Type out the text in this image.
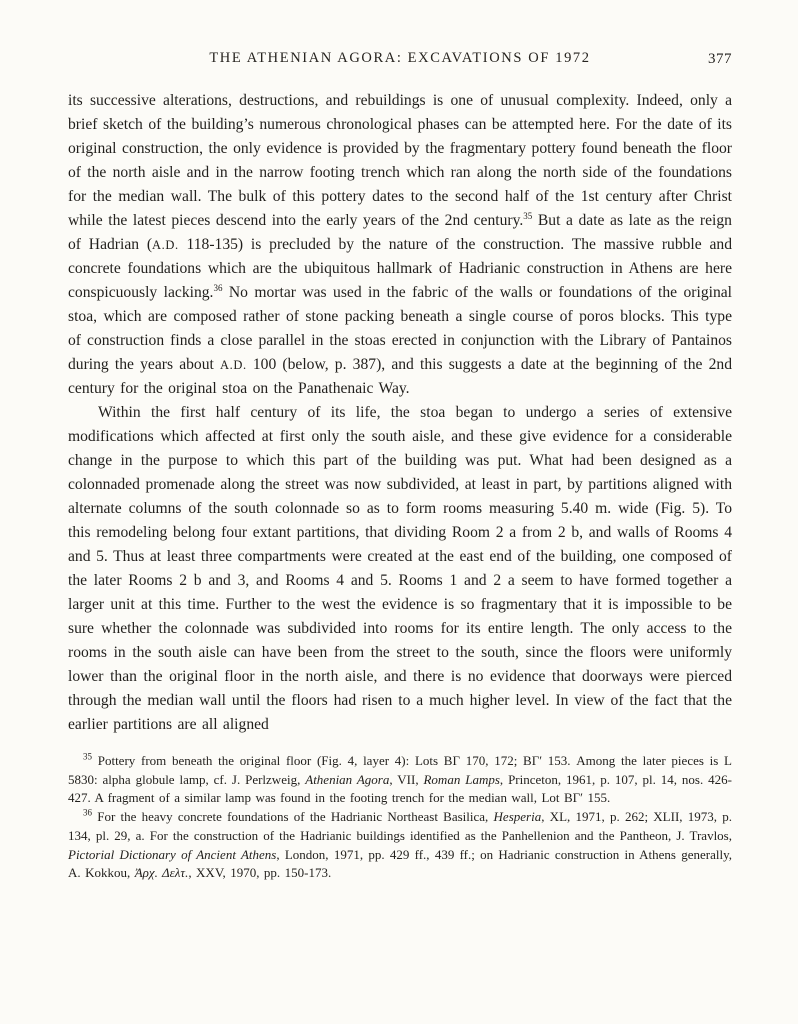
THE ATHENIAN AGORA: EXCAVATIONS OF 1972	377

its successive alterations, destructions, and rebuildings is one of unusual complexity. Indeed, only a brief sketch of the building’s numerous chronological phases can be attempted here. For the date of its original construction, the only evidence is provided by the fragmentary pottery found beneath the floor of the north aisle and in the narrow footing trench which ran along the north side of the foundations for the median wall. The bulk of this pottery dates to the second half of the 1st century after Christ while the latest pieces descend into the early years of the 2nd century.$^{35}$ But a date as late as the reign of Hadrian (A.D. 118-135) is precluded by the nature of the construction. The massive rubble and concrete foundations which are the ubiquitous hallmark of Hadrianic construction in Athens are here conspicuously lacking.$^{36}$ No mortar was used in the fabric of the walls or foundations of the original stoa, which are composed rather of stone packing beneath a single course of poros blocks. This type of construction finds a close parallel in the stoas erected in conjunction with the Library of Pantainos during the years about A.D. 100 (below, p. 387), and this suggests a date at the beginning of the 2nd century for the original stoa on the Panathenaic Way.

Within the first half century of its life, the stoa began to undergo a series of extensive modifications which affected at first only the south aisle, and these give evidence for a considerable change in the purpose to which this part of the building was put. What had been designed as a colonnaded promenade along the street was now subdivided, at least in part, by partitions aligned with alternate columns of the south colonnade so as to form rooms measuring 5.40 m. wide (Fig. 5). To this remodeling belong four extant partitions, that dividing Room 2 a from 2 b, and walls of Rooms 4 and 5. Thus at least three compartments were created at the east end of the building, one composed of the later Rooms 2 b and 3, and Rooms 4 and 5. Rooms 1 and 2 a seem to have formed together a larger unit at this time. Further to the west the evidence is so fragmentary that it is impossible to be sure whether the colonnade was subdivided into rooms for its entire length. The only access to the rooms in the south aisle can have been from the street to the south, since the floors were uniformly lower than the original floor in the north aisle, and there is no evidence that doorways were pierced through the median wall until the floors had risen to a much higher level. In view of the fact that the earlier partitions are all aligned

$^{35}$ Pottery from beneath the original floor (Fig. 4, layer 4): Lots ΒΓ 170, 172; ΒΓʹ 153. Among the later pieces is L 5830: alpha globule lamp, cf. J. Perlzweig, Athenian Agora, VII, Roman Lamps, Princeton, 1961, p. 107, pl. 14, nos. 426-427. A fragment of a similar lamp was found in the footing trench for the median wall, Lot ΒΓʹ 155.

$^{36}$ For the heavy concrete foundations of the Hadrianic Northeast Basilica, Hesperia, XL, 1971, p. 262; XLII, 1973, p. 134, pl. 29, a. For the construction of the Hadrianic buildings identified as the Panhellenion and the Pantheon, J. Travlos, Pictorial Dictionary of Ancient Athens, London, 1971, pp. 429 ff., 439 ff.; on Hadrianic construction in Athens generally, A. Kokkou, Ἀρχ. Δελτ., XXV, 1970, pp. 150-173.
